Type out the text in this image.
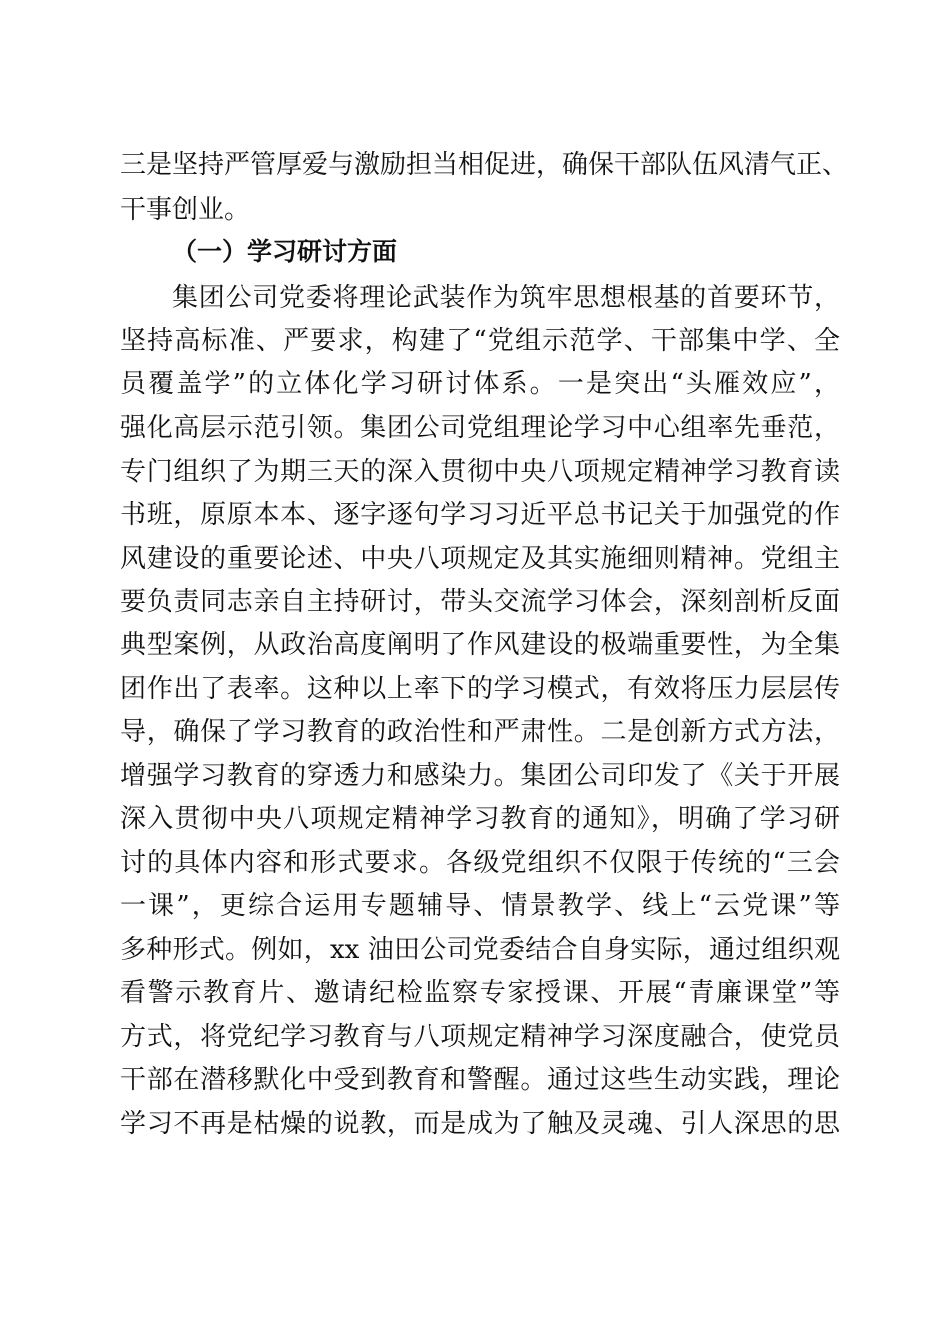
三是坚持严管厚爱与激励担当相促进，确保干部队伍风清气正、

干事创业。

（一）学习研讨方面

集团公司党委将理论武装作为筑牢思想根基的首要环节，

坚持高标准、严要求，构建了“党组示范学、干部集中学、全

员覆盖学”的立体化学习研讨体系。一是突出“头雁效应”，

强化高层示范引领。集团公司党组理论学习中心组率先垂范，

专门组织了为期三天的深入贯彻中央八项规定精神学习教育读

书班，原原本本、逐字逐句学习习近平总书记关于加强党的作

风建设的重要论述、中央八项规定及其实施细则精神。党组主

要负责同志亲自主持研讨，带头交流学习体会，深刻剖析反面

典型案例，从政治高度阐明了作风建设的极端重要性，为全集

团作出了表率。这种以上率下的学习模式，有效将压力层层传

导，确保了学习教育的政治性和严肃性。二是创新方式方法，

增强学习教育的穿透力和感染力。集团公司印发了《关于开展

深入贯彻中央八项规定精神学习教育的通知》，明确了学习研

讨的具体内容和形式要求。各级党组织不仅限于传统的“三会

一课”，更综合运用专题辅导、情景教学、线上“云党课”等

多种形式。例如，xx 油田公司党委结合自身实际，通过组织观

看警示教育片、邀请纪检监察专家授课、开展“青廉课堂”等

方式，将党纪学习教育与八项规定精神学习深度融合，使党员

干部在潜移默化中受到教育和警醒。通过这些生动实践，理论

学习不再是枯燥的说教，而是成为了触及灵魂、引人深思的思
